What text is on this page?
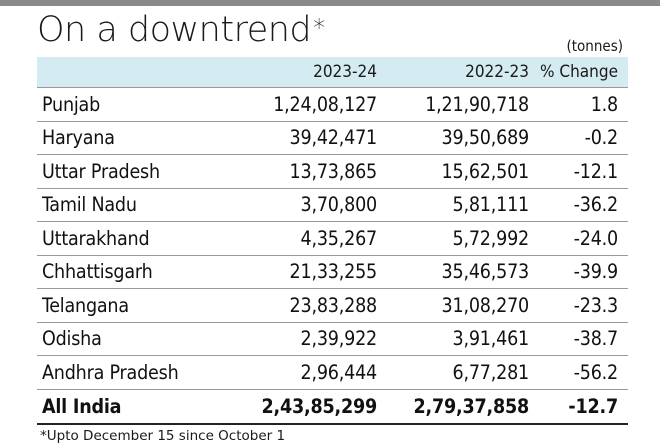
On a downtrend*
(tonnes)
	2023-24	2022-23	% Change
Punjab	1,24,08,127	1,21,90,718	1.8
Haryana	39,42,471	39,50,689	-0.2
Uttar Pradesh	13,73,865	15,62,501	-12.1
Tamil Nadu	3,70,800	5,81,111	-36.2
Uttarakhand	4,35,267	5,72,992	-24.0
Chhattisgarh	21,33,255	35,46,573	-39.9
Telangana	23,83,288	31,08,270	-23.3
Odisha	2,39,922	3,91,461	-38.7
Andhra Pradesh	2,96,444	6,77,281	-56.2
All India	2,43,85,299	2,79,37,858	-12.7
*Upto December 15 since October 1
